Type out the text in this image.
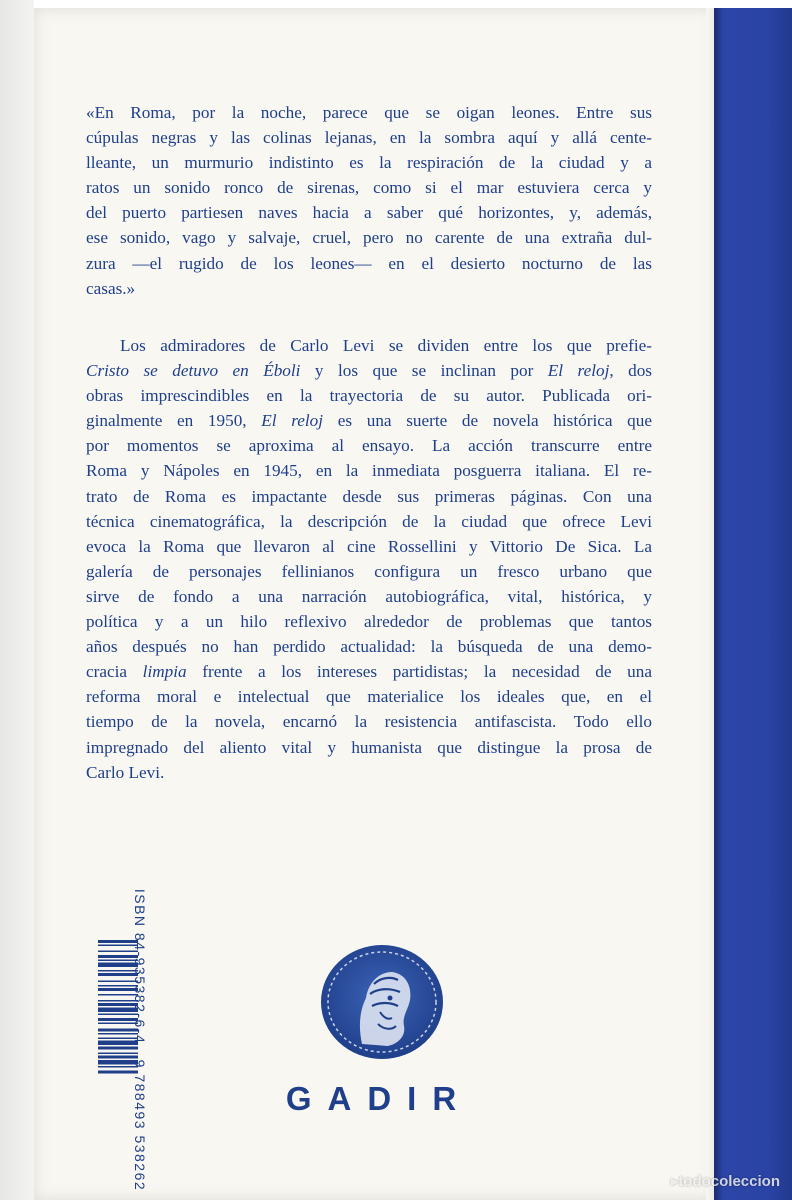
«En Roma, por la noche, parece que se oigan leones. Entre sus
cúpulas negras y las colinas lejanas, en la sombra aquí y allá cente-
lleante, un murmurio indistinto es la respiración de la ciudad y a
ratos un sonido ronco de sirenas, como si el mar estuviera cerca y
del puerto partiesen naves hacia a saber qué horizontes, y, además,
ese sonido, vago y salvaje, cruel, pero no carente de una extraña dul-
zura —el rugido de los leones— en el desierto nocturno de las
casas.»
Los admiradores de Carlo Levi se dividen entre los que prefie-
Cristo se detuvo en Éboli y los que se inclinan por El reloj, dos
obras imprescindibles en la trayectoria de su autor. Publicada ori-
ginalmente en 1950, El reloj es una suerte de novela histórica que
por momentos se aproxima al ensayo. La acción transcurre entre
Roma y Nápoles en 1945, en la inmediata posguerra italiana. El re-
trato de Roma es impactante desde sus primeras páginas. Con una
técnica cinematográfica, la descripción de la ciudad que ofrece Levi
evoca la Roma que llevaron al cine Rossellini y Vittorio De Sica. La
galería de personajes fellinianos configura un fresco urbano que
sirve de fondo a una narración autobiográfica, vital, histórica, y
política y a un hilo reflexivo alrededor de problemas que tantos
años después no han perdido actualidad: la búsqueda de una demo-
cracia limpia frente a los intereses partidistas; la necesidad de una
reforma moral e intelectual que materialice los ideales que, en el
tiempo de la novela, encarnó la resistencia antifascista. Todo ello
impregnado del aliento vital y humanista que distingue la prosa de
Carlo Levi.
ISBN 84-935382-6-4 9 788493 538262	GADIR
▸todocoleccion
